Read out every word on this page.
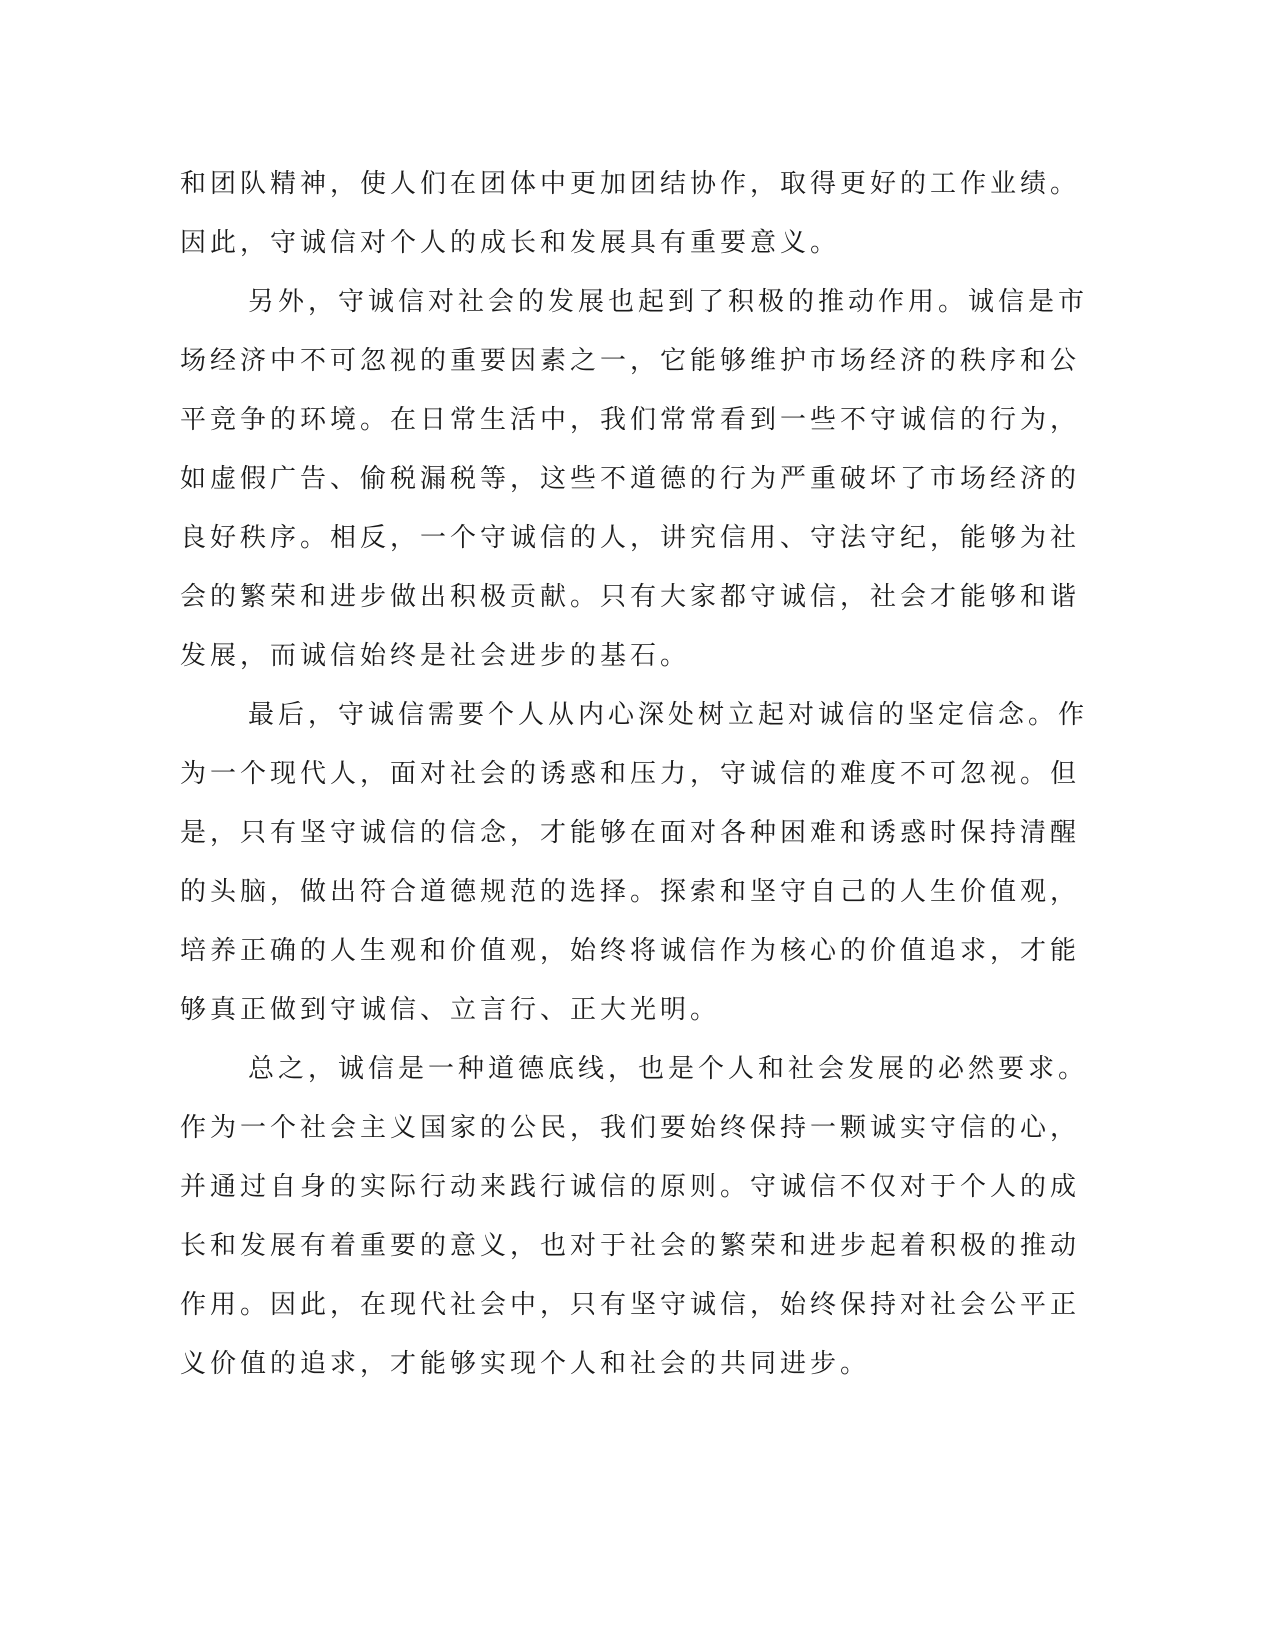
和团队精神，使人们在团体中更加团结协作，取得更好的工作业绩。
因此，守诚信对个人的成长和发展具有重要意义。
另外，守诚信对社会的发展也起到了积极的推动作用。诚信是市
场经济中不可忽视的重要因素之一，它能够维护市场经济的秩序和公
平竞争的环境。在日常生活中，我们常常看到一些不守诚信的行为，
如虚假广告、偷税漏税等，这些不道德的行为严重破坏了市场经济的
良好秩序。相反，一个守诚信的人，讲究信用、守法守纪，能够为社
会的繁荣和进步做出积极贡献。只有大家都守诚信，社会才能够和谐
发展，而诚信始终是社会进步的基石。
最后，守诚信需要个人从内心深处树立起对诚信的坚定信念。作
为一个现代人，面对社会的诱惑和压力，守诚信的难度不可忽视。但
是，只有坚守诚信的信念，才能够在面对各种困难和诱惑时保持清醒
的头脑，做出符合道德规范的选择。探索和坚守自己的人生价值观，
培养正确的人生观和价值观，始终将诚信作为核心的价值追求，才能
够真正做到守诚信、立言行、正大光明。
总之，诚信是一种道德底线，也是个人和社会发展的必然要求。
作为一个社会主义国家的公民，我们要始终保持一颗诚实守信的心，
并通过自身的实际行动来践行诚信的原则。守诚信不仅对于个人的成
长和发展有着重要的意义，也对于社会的繁荣和进步起着积极的推动
作用。因此，在现代社会中，只有坚守诚信，始终保持对社会公平正
义价值的追求，才能够实现个人和社会的共同进步。
